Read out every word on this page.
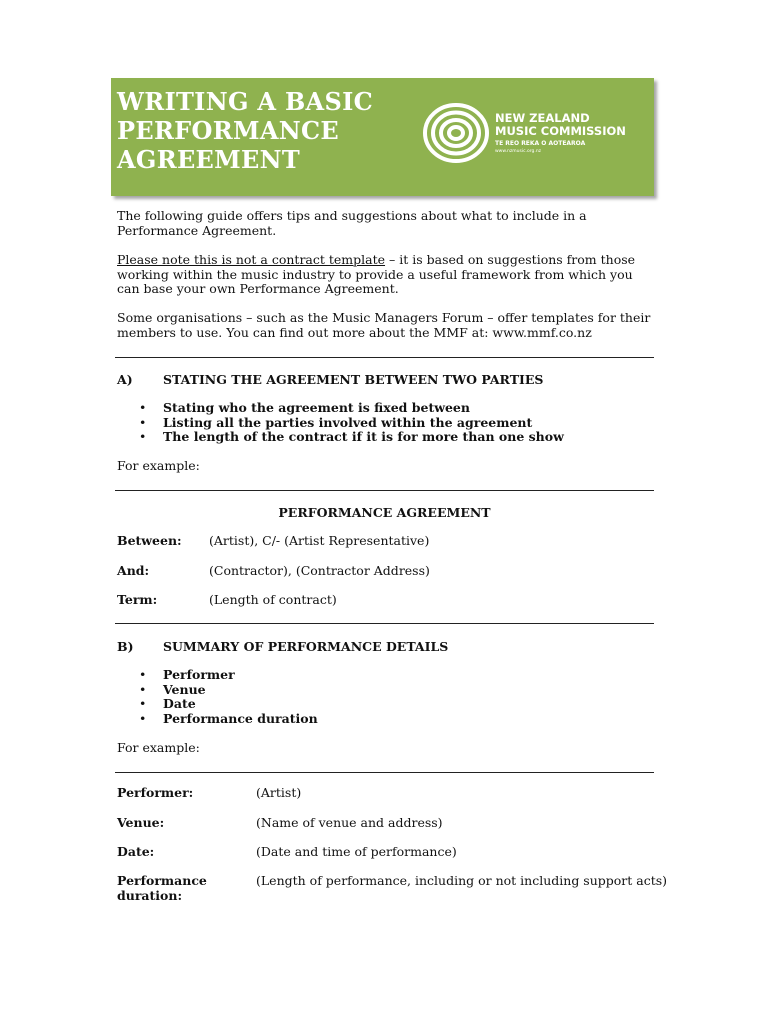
WRITING A BASIC
PERFORMANCE
AGREEMENT
NEW ZEALAND
MUSIC COMMISSION
TE REO REKA O AOTEAROA
www.nzmusic.org.nz
The following guide offers tips and suggestions about what to include in a Performance Agreement.
Please note this is not a contract template – it is based on suggestions from those working within the music industry to provide a useful framework from which you can base your own Performance Agreement.
Some organisations – such as the Music Managers Forum – offer templates for their members to use. You can find out more about the MMF at: www.mmf.co.nz
A) STATING THE AGREEMENT BETWEEN TWO PARTIES
• Stating who the agreement is fixed between
• Listing all the parties involved within the agreement
• The length of the contract if it is for more than one show
For example:
PERFORMANCE AGREEMENT
Between: (Artist), C/- (Artist Representative)
And:	(Contractor), (Contractor Address)
Term:	(Length of contract)
B) SUMMARY OF PERFORMANCE DETAILS
• Performer
• Venue
• Date
• Performance duration
For example:
Performer:	(Artist)
Venue:	(Name of venue and address)
Date:	(Date and time of performance)
Performance
duration:
(Length of performance, including or not including support acts)
